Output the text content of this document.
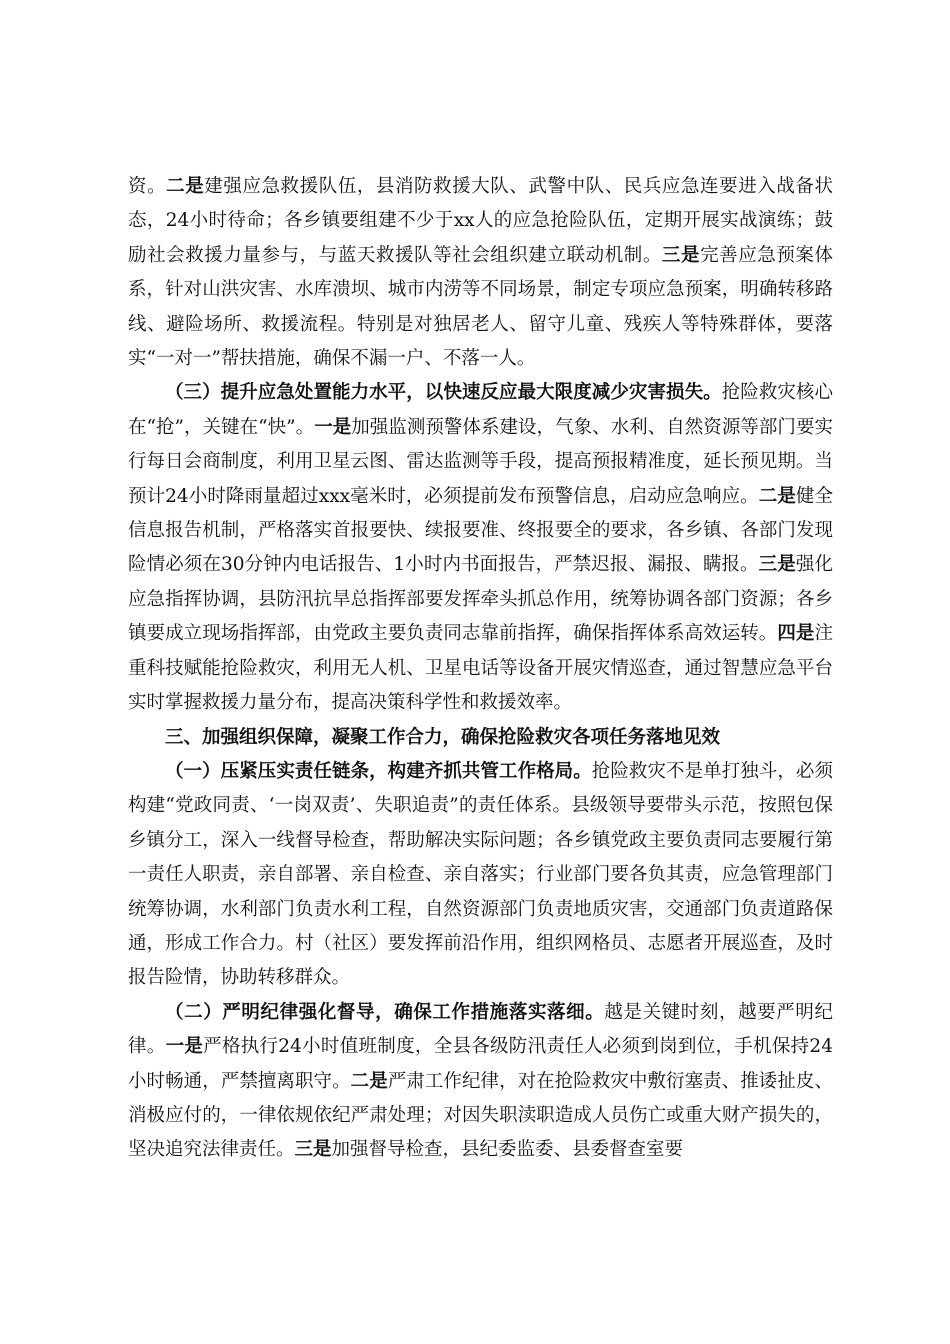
资。二是建强应急救援队伍，县消防救援大队、武警中队、民兵应急连要进入战备状态，24小时待命；各乡镇要组建不少于xx人的应急抢险队伍，定期开展实战演练；鼓励社会救援力量参与，与蓝天救援队等社会组织建立联动机制。三是完善应急预案体系，针对山洪灾害、水库溃坝、城市内涝等不同场景，制定专项应急预案，明确转移路线、避险场所、救援流程。特别是对独居老人、留守儿童、残疾人等特殊群体，要落实“一对一”帮扶措施，确保不漏一户、不落一人。

（三）提升应急处置能力水平，以快速反应最大限度减少灾害损失。抢险救灾核心在“抢”，关键在“快”。一是加强监测预警体系建设，气象、水利、自然资源等部门要实行每日会商制度，利用卫星云图、雷达监测等手段，提高预报精准度，延长预见期。当预计24小时降雨量超过xxx毫米时，必须提前发布预警信息，启动应急响应。二是健全信息报告机制，严格落实首报要快、续报要准、终报要全的要求，各乡镇、各部门发现险情必须在30分钟内电话报告、1小时内书面报告，严禁迟报、漏报、瞒报。三是强化应急指挥协调，县防汛抗旱总指挥部要发挥牵头抓总作用，统筹协调各部门资源；各乡镇要成立现场指挥部，由党政主要负责同志靠前指挥，确保指挥体系高效运转。四是注重科技赋能抢险救灾，利用无人机、卫星电话等设备开展灾情巡查，通过智慧应急平台实时掌握救援力量分布，提高决策科学性和救援效率。

三、加强组织保障，凝聚工作合力，确保抢险救灾各项任务落地见效

（一）压紧压实责任链条，构建齐抓共管工作格局。抢险救灾不是单打独斗，必须构建“党政同责、‘一岗双责’、失职追责”的责任体系。县级领导要带头示范，按照包保乡镇分工，深入一线督导检查，帮助解决实际问题；各乡镇党政主要负责同志要履行第一责任人职责，亲自部署、亲自检查、亲自落实；行业部门要各负其责，应急管理部门统筹协调，水利部门负责水利工程，自然资源部门负责地质灾害，交通部门负责道路保通，形成工作合力。村（社区）要发挥前沿作用，组织网格员、志愿者开展巡查，及时报告险情，协助转移群众。

（二）严明纪律强化督导，确保工作措施落实落细。越是关键时刻，越要严明纪律。一是严格执行24小时值班制度，全县各级防汛责任人必须到岗到位，手机保持24小时畅通，严禁擅离职守。二是严肃工作纪律，对在抢险救灾中敷衍塞责、推诿扯皮、消极应付的，一律依规依纪严肃处理；对因失职渎职造成人员伤亡或重大财产损失的，坚决追究法律责任。三是加强督导检查，县纪委监委、县委督查室要
